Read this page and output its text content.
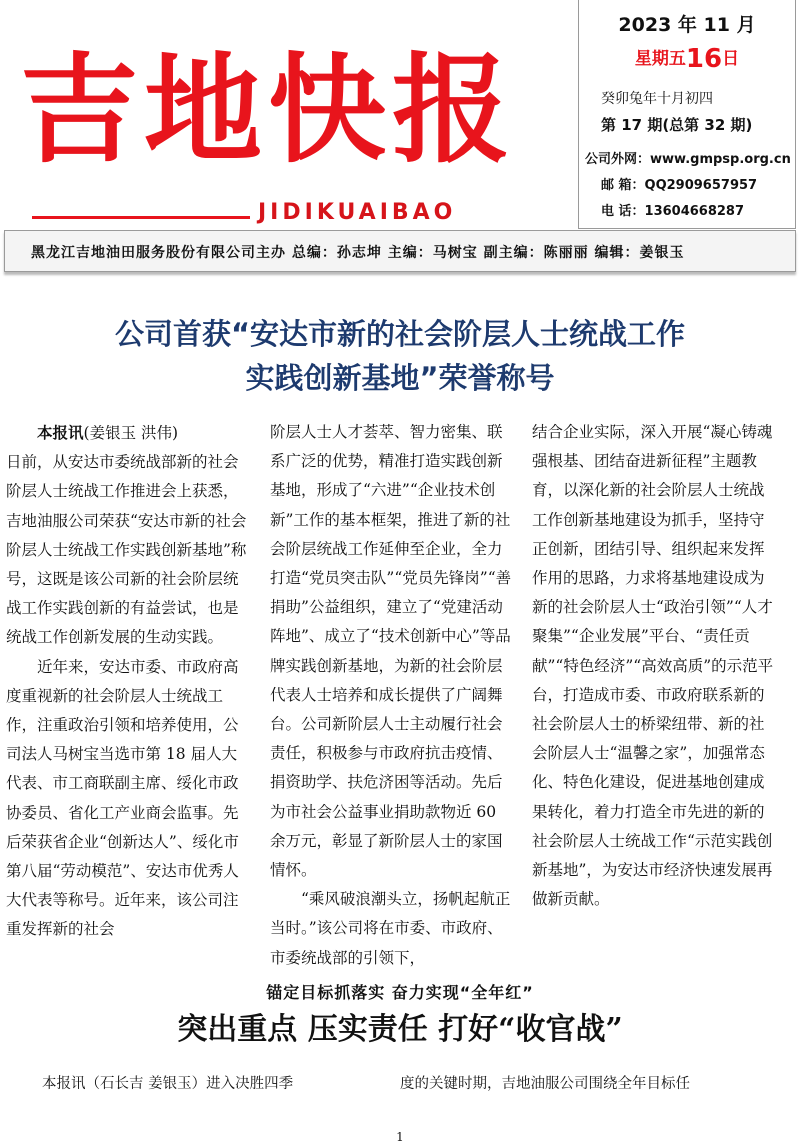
吉地快报
JIDIKUAIBAO
2023 年 11 月
星期五16日
癸卯兔年十月初四
第 17 期(总第 32 期)
公司外网：www.gmpsp.org.cn
邮 箱：QQ2909657957
电 话：13604668287
黑龙江吉地油田服务股份有限公司主办 总编：孙志坤 主编：马树宝 副主编：陈丽丽 编辑：姜银玉
公司首获“安达市新的社会阶层人士统战工作
实践创新基地”荣誉称号

本报讯(姜银玉 洪伟)

日前，从安达市委统战部新的社会阶层人士统战工作推进会上获悉，吉地油服公司荣获“安达市新的社会阶层人士统战工作实践创新基地”称号，这既是该公司新的社会阶层统战工作实践创新的有益尝试，也是统战工作创新发展的生动实践。

近年来，安达市委、市政府高度重视新的社会阶层人士统战工作，注重政治引领和培养使用，公司法人马树宝当选市第 18 届人大代表、市工商联副主席、绥化市政协委员、省化工产业商会监事。先后荣获省企业“创新达人”、绥化市第八届“劳动模范”、安达市优秀人大代表等称号。近年来，该公司注重发挥新的社会

阶层人士人才荟萃、智力密集、联系广泛的优势，精准打造实践创新基地，形成了“六进”“企业技术创新”工作的基本框架，推进了新的社会阶层统战工作延伸至企业，全力打造“党员突击队”“党员先锋岗”“善捐助”公益组织，建立了“党建活动阵地”、成立了“技术创新中心”等品牌实践创新基地，为新的社会阶层代表人士培养和成长提供了广阔舞台。公司新阶层人士主动履行社会责任，积极参与市政府抗击疫情、捐资助学、扶危济困等活动。先后为市社会公益事业捐助款物近 60 余万元，彰显了新阶层人士的家国情怀。

“乘风破浪潮头立，扬帆起航正当时。”该公司将在市委、市政府、市委统战部的引领下，

结合企业实际，深入开展“凝心铸魂强根基、团结奋进新征程”主题教育，以深化新的社会阶层人士统战工作创新基地建设为抓手，坚持守正创新，团结引导、组织起来发挥作用的思路，力求将基地建设成为新的社会阶层人士“政治引领”“人才聚集”“企业发展”平台、“责任贡献”“特色经济”“高效高质”的示范平台，打造成市委、市政府联系新的社会阶层人士的桥梁纽带、新的社会阶层人士“温馨之家”，加强常态化、特色化建设，促进基地创建成果转化，着力打造全市先进的新的社会阶层人士统战工作“示范实践创新基地”，为安达市经济快速发展再做新贡献。

锚定目标抓落实 奋力实现“全年红”
突出重点 压实责任 打好“收官战”
本报讯（石长吉 姜银玉）进入决胜四季	度的关键时期，吉地油服公司围绕全年目标任
1
